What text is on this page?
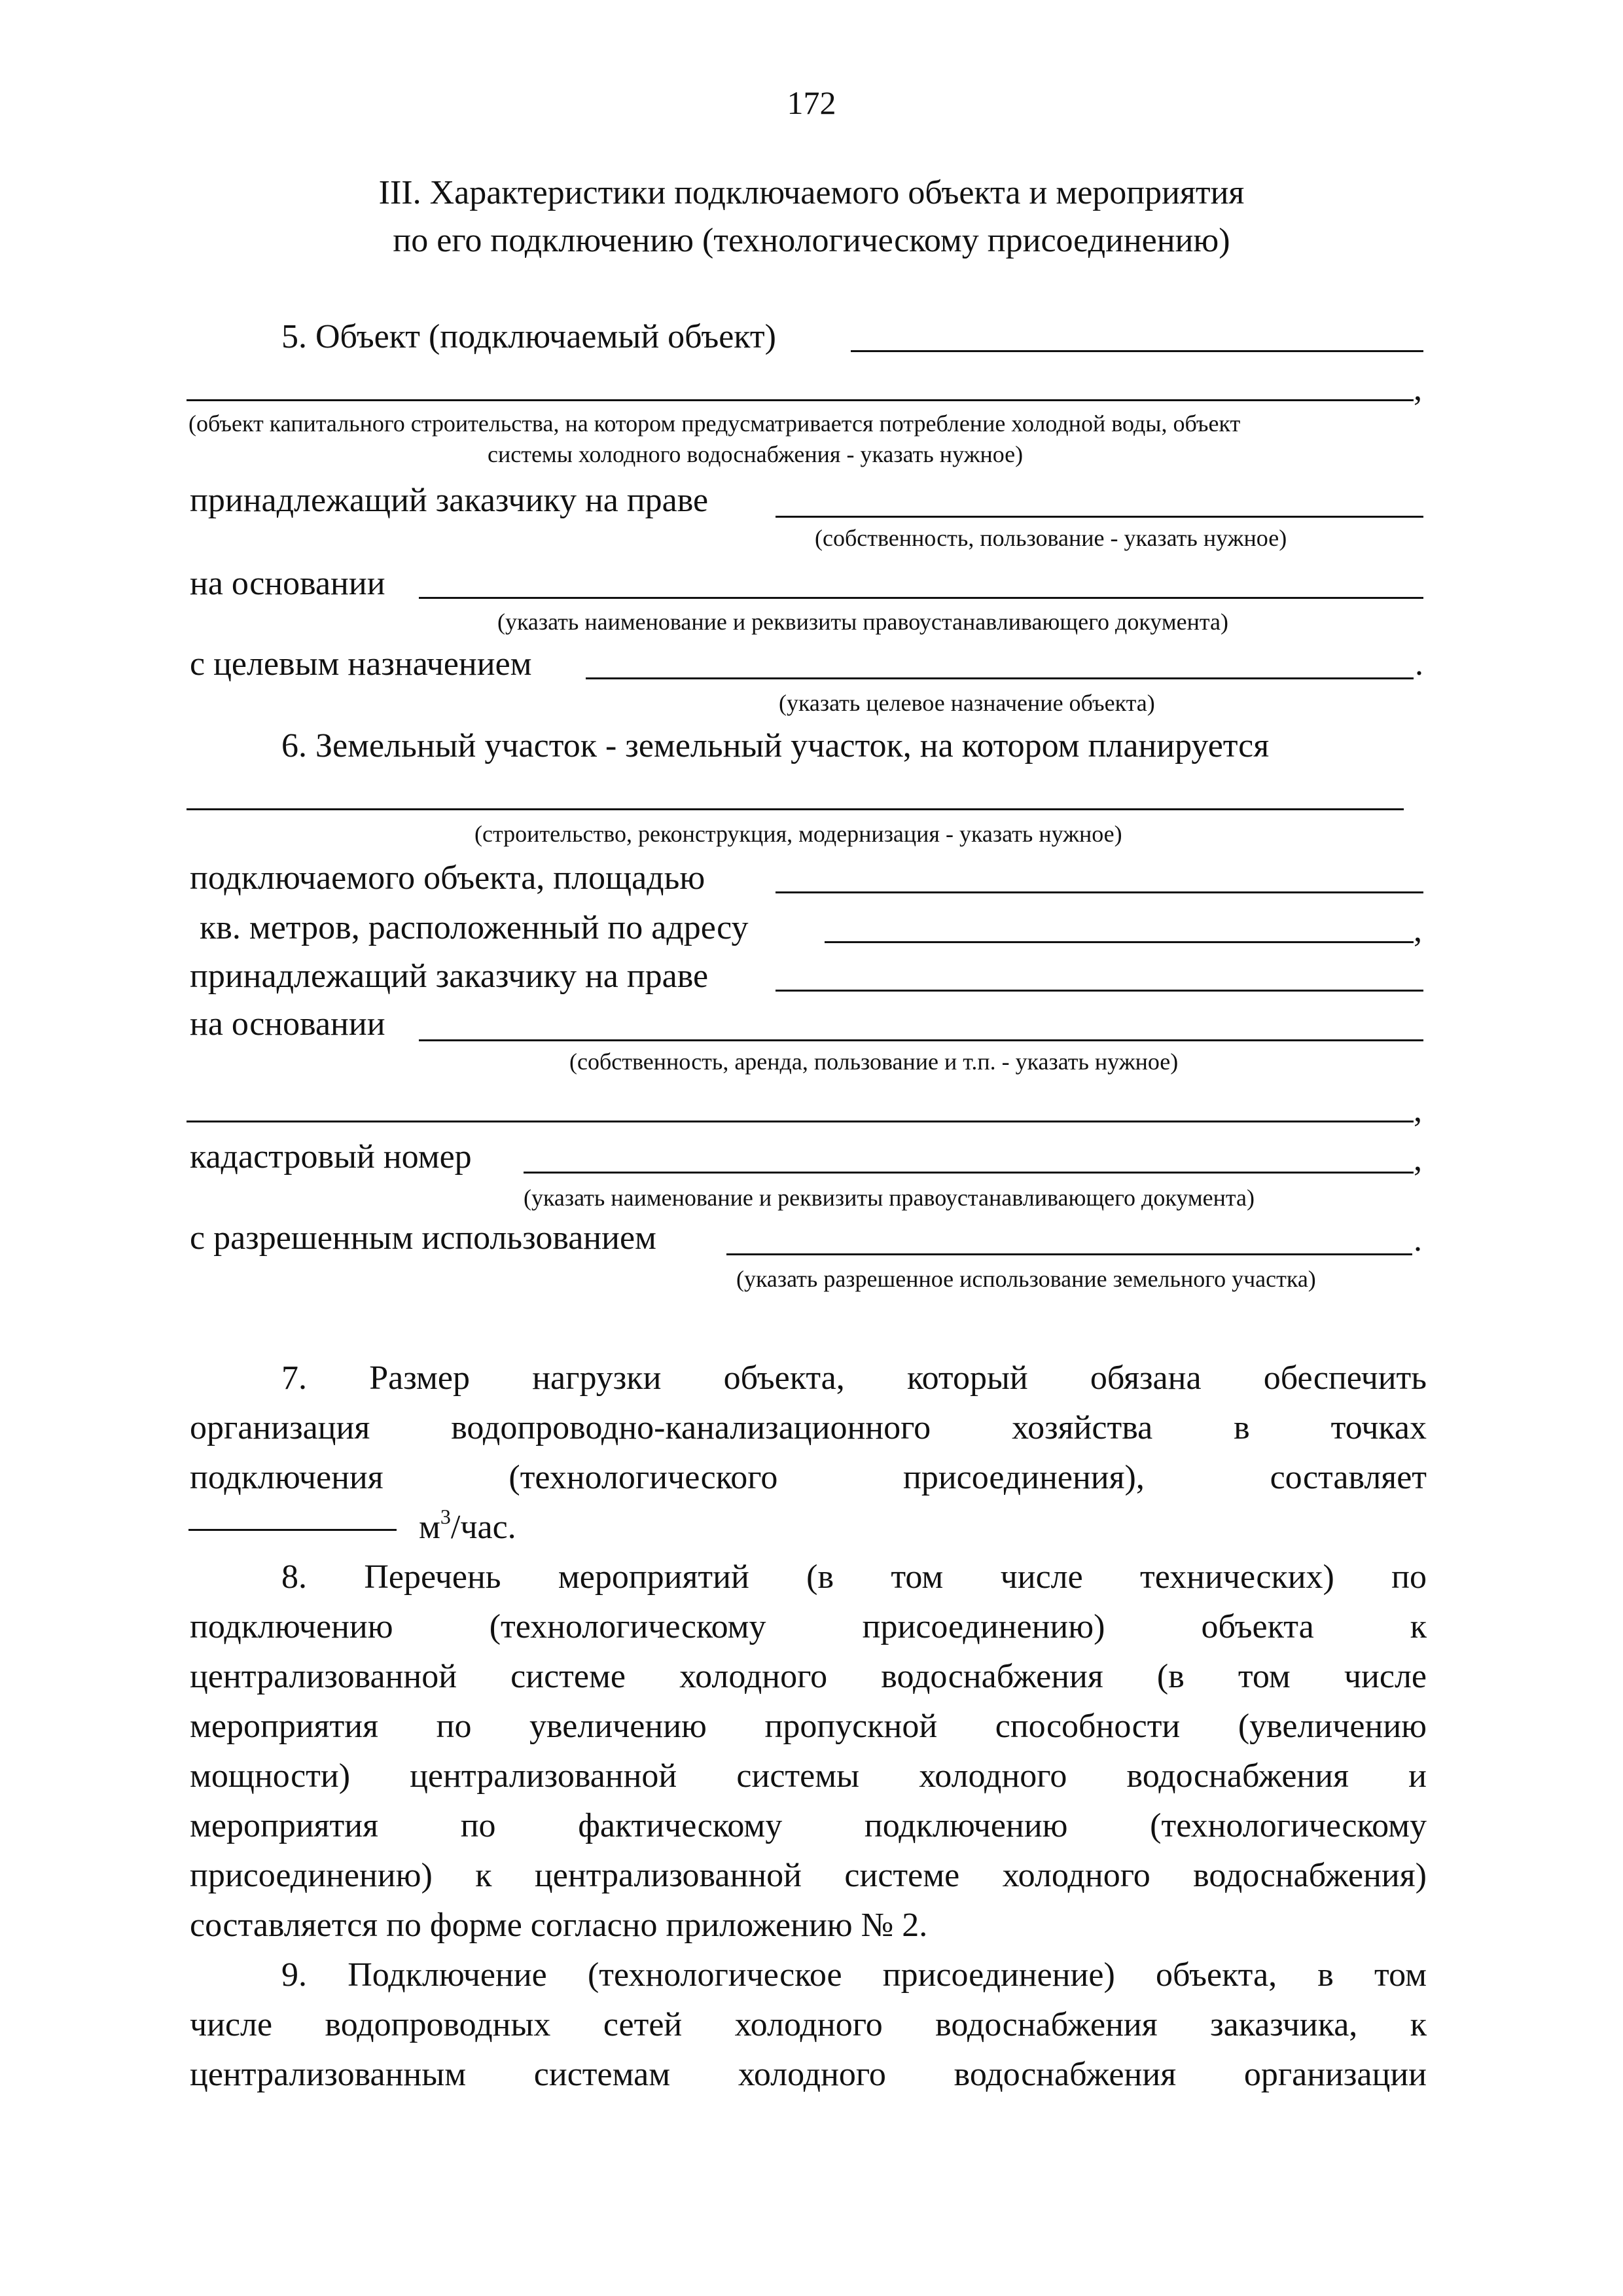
172
III. Характеристики подключаемого объекта и мероприятия
по его подключению (технологическому присоединению)
5. Объект (подключаемый объект)
,
(объект капитального строительства, на котором предусматривается потребление холодной воды, объект
системы холодного водоснабжения - указать нужное)
принадлежащий заказчику на праве
(собственность, пользование - указать нужное)
на основании
(указать наименование и реквизиты правоустанавливающего документа)
с целевым назначением	.
(указать целевое назначение объекта)
6. Земельный участок - земельный участок, на котором планируется
(строительство, реконструкция, модернизация - указать нужное)
подключаемого объекта, площадью
кв. метров, расположенный по адресу	,
принадлежащий заказчику на праве
на основании
(собственность, аренда, пользование и т.п. - указать нужное)
,
кадастровый номер	,
(указать наименование и реквизиты правоустанавливающего документа)
с разрешенным использованием	.
(указать разрешенное использование земельного участка)
7. Размер нагрузки объекта, который обязана обеспечить
организация водопроводно-канализационного хозяйства в точках
подключения (технологического присоединения), составляет
$м^3$/час.
8. Перечень мероприятий (в том числе технических) по
подключению (технологическому присоединению) объекта к
централизованной системе холодного водоснабжения (в том числе
мероприятия по увеличению пропускной способности (увеличению
мощности) централизованной системы холодного водоснабжения и
мероприятия по фактическому подключению (технологическому
присоединению) к централизованной системе холодного водоснабжения)
составляется по форме согласно приложению № 2.
9. Подключение (технологическое присоединение) объекта, в том
числе водопроводных сетей холодного водоснабжения заказчика, к
централизованным системам холодного водоснабжения организации
